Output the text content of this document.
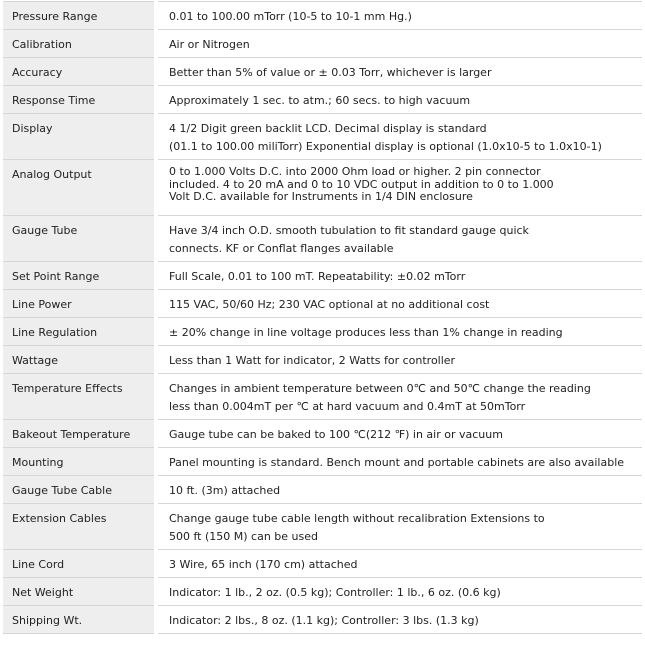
Pressure Range	0.01 to 100.00 mTorr (10-5 to 10-1 mm Hg.)

Calibration	Air or Nitrogen

Accuracy	Better than 5% of value or ± 0.03 Torr, whichever is larger

Response Time	Approximately 1 sec. to atm.; 60 secs. to high vacuum

Display	4 1/2 Digit green backlit LCD. Decimal display is standard
(01.1 to 100.00 miliTorr) Exponential display is optional (1.0x10-5 to 1.0x10-1)

Analog Output	0 to 1.000 Volts D.C. into 2000 Ohm load or higher. 2 pin connector
included. 4 to 20 mA and 0 to 10 VDC output in addition to 0 to 1.000
Volt D.C. available for Instruments in 1/4 DIN enclosure

Gauge Tube	Have 3/4 inch O.D. smooth tubulation to fit standard gauge quick
connects. KF or Conflat flanges available

Set Point Range	Full Scale, 0.01 to 100 mT. Repeatability: ±0.02 mTorr

Line Power	115 VAC, 50/60 Hz; 230 VAC optional at no additional cost

Line Regulation	± 20% change in line voltage produces less than 1% change in reading

Wattage	Less than 1 Watt for indicator, 2 Watts for controller

Temperature Effects	Changes in ambient temperature between 0℃ and 50℃ change the reading
less than 0.004mT per ℃ at hard vacuum and 0.4mT at 50mTorr

Bakeout Temperature	Gauge tube can be baked to 100 ℃(212 ℉) in air or vacuum

Mounting	Panel mounting is standard. Bench mount and portable cabinets are also available

Gauge Tube Cable	10 ft. (3m) attached

Extension Cables	Change gauge tube cable length without recalibration Extensions to
500 ft (150 M) can be used

Line Cord	3 Wire, 65 inch (170 cm) attached

Net Weight	Indicator: 1 lb., 2 oz. (0.5 kg); Controller: 1 lb., 6 oz. (0.6 kg)

Shipping Wt.	Indicator: 2 lbs., 8 oz. (1.1 kg); Controller: 3 lbs. (1.3 kg)
